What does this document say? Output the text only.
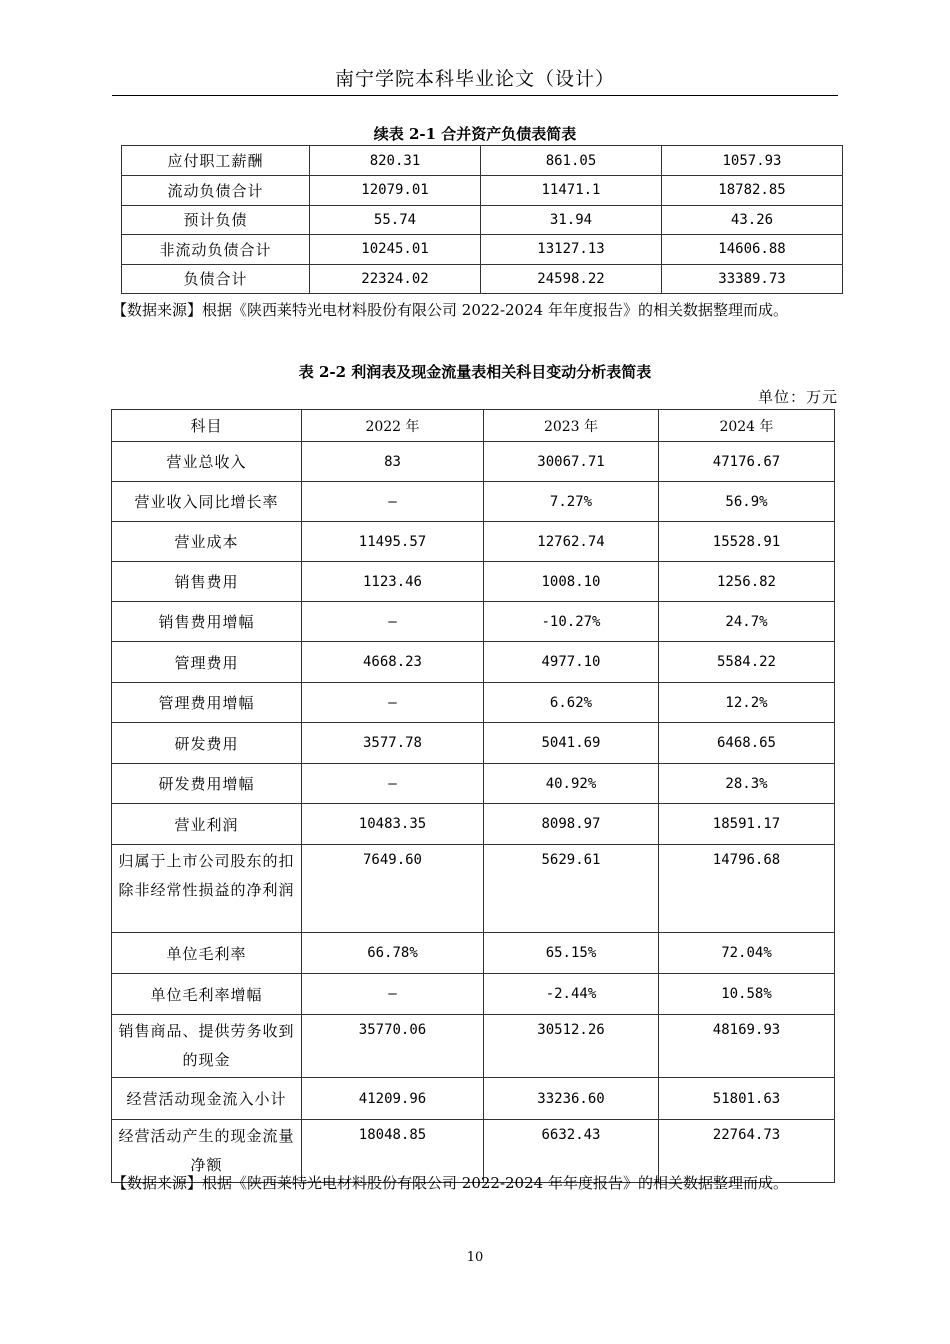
南宁学院本科毕业论文（设计）
续表 2-1 合并资产负债表简表
应付职工薪酬	820.31	861.05	1057.93
流动负债合计	12079.01	11471.1	18782.85
预计负债	55.74	31.94	43.26
非流动负债合计	10245.01	13127.13	14606.88
负债合计	22324.02	24598.22	33389.73
【数据来源】根据《陕西莱特光电材料股份有限公司 2022-2024 年年度报告》的相关数据整理而成。
表 2-2 利润表及现金流量表相关科目变动分析表简表
单位：万元
科目	2022 年	2023 年	2024 年
营业总收入	83	30067.71	47176.67
营业收入同比增长率	—	7.27%	56.9%
营业成本	11495.57	12762.74	15528.91
销售费用	1123.46	1008.10	1256.82
销售费用增幅	—	-10.27%	24.7%
管理费用	4668.23	4977.10	5584.22
管理费用增幅	—	6.62%	12.2%
研发费用	3577.78	5041.69	6468.65
研发费用增幅	—	40.92%	28.3%
营业利润	10483.35	8098.97	18591.17
归属于上市公司股东的扣除非经常性损益的净利润	7649.60	5629.61	14796.68
单位毛利率	66.78%	65.15%	72.04%
单位毛利率增幅	—	-2.44%	10.58%
销售商品、提供劳务收到的现金	35770.06	30512.26	48169.93
经营活动现金流入小计	41209.96	33236.60	51801.63
经营活动产生的现金流量净额	18048.85	6632.43	22764.73
【数据来源】根据《陕西莱特光电材料股份有限公司 2022-2024 年年度报告》的相关数据整理而成。
10
